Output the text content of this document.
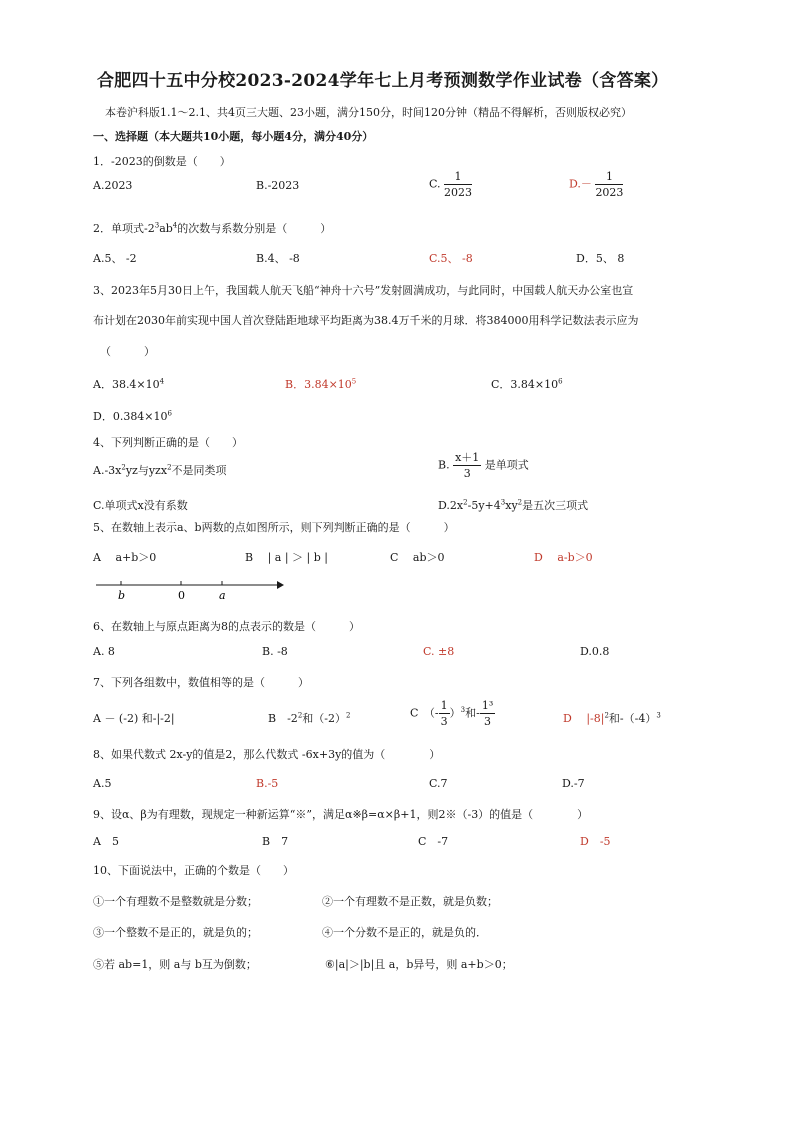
合肥四十五中分校2023-2024学年七上月考预测数学作业试卷（含答案）
本卷沪科版1.1～2.1、共4页三大题、23小题，满分150分，时间120分钟（精品不得解析，否则版权必究）
一、选择题（本大题共10小题，每小题4分，满分40分）
1．-2023的倒数是（　　）
A.2023	B.-2023	C. $\frac{1}{2023}$	$D.- \frac{1}{2023}$
2．单项式$-2^3ab^4$的次数与系数分别是（　　　）
A.5、 -2	B.4、 -8	C.5、 -8	D．5、 8
3、2023年5月30日上午，我国载人航天飞船“神舟十六号”发射圆满成功，与此同时，中国载人航天办公室也宣
布计划在2030年前实现中国人首次登陆距地球平均距离为38.4万千米的月球．将384000用科学记数法表示应为
（　　　）
A．$38.4\times 10^4$	B．$3.84\times 10^5$	C．$3.84\times 10^6$
D．$0.384\times 10^6$
4、下列判断正确的是（　　）
$A.-3x^2yz$与yzx$^2$不是同类项	B. $\frac{x+1}{3}$ 是单项式
C.单项式x没有系数	$D.2x^2-5y+4^3xy^2$是五次三项式
5、在数轴上表示a、b两数的点如图所示，则下列判断正确的是（　　　）
A　 a+b＞0	B　 | a | ＞ | b |	C　 ab＞0	D　 a-b＞0
b	0	a
6、在数轴上与原点距离为8的点表示的数是（　　　）
A. 8	B. -8	C. ±8	D.0.8
7、下列各组数中，数值相等的是（　　　）
A － (-2) 和-|-2|	B　$-2^2$和$(-2)^2$	C　（- $\frac{1}{3} )^3$和- $\frac{\text{1³}}{3}$	D　 $|-8|^2$和$-(-4)^3$
8、如果代数式 2x-y的值是2，那么代数式 -6x+3y的值为（　　　　）
A.5	B.-5	C.7	D.-7
9、设α、β为有理数，现规定一种新运算“※”，满足α※β=α×β+1，则2※（-3）的值是（　　　　）
A　5	B　7	C　-7	D　-5
10、下面说法中，正确的个数是（　　）
①一个有理数不是整数就是分数；	②一个有理数不是正数，就是负数；
③一个整数不是正的，就是负的；	④一个分数不是正的，就是负的．
⑤若 ab=1，则 a与 b互为倒数；	⑥|a|＞|b|且 a，b异号，则 a+b＞0；
